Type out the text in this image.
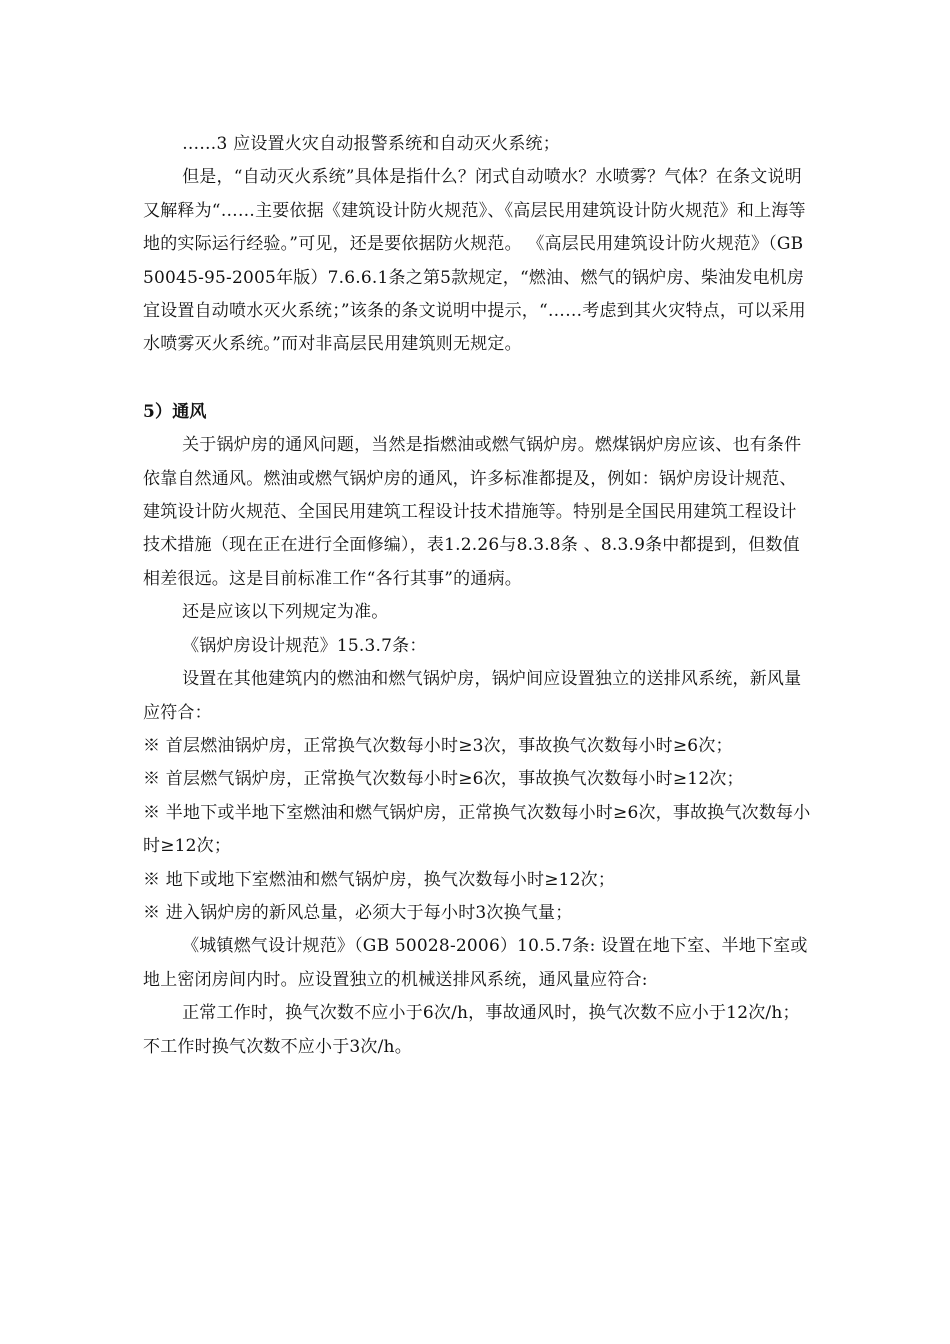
……3 应设置火灾自动报警系统和自动灭火系统；

但是，“自动灭火系统”具体是指什么？闭式自动喷水？水喷雾？气体？在条文说明又解释为“……主要依据《建筑设计防火规范》、《高层民用建筑设计防火规范》和上海等地的实际运行经验。”可见，还是要依据防火规范。 《高层民用建筑设计防火规范》（GB 50045-95-2005年版）7.6.6.1条之第5款规定，“燃油、燃气的锅炉房、柴油发电机房宜设置自动喷水灭火系统；”该条的条文说明中提示，“……考虑到其火灾特点，可以采用水喷雾灭火系统。”而对非高层民用建筑则无规定。

5）通风

关于锅炉房的通风问题，当然是指燃油或燃气锅炉房。燃煤锅炉房应该、也有条件依靠自然通风。燃油或燃气锅炉房的通风，许多标准都提及，例如：锅炉房设计规范、建筑设计防火规范、全国民用建筑工程设计技术措施等。特别是全国民用建筑工程设计技术措施（现在正在进行全面修编），表1.2.26与8.3.8条 、8.3.9条中都提到，但数值相差很远。这是目前标准工作“各行其事”的通病。

还是应该以下列规定为准。

《锅炉房设计规范》15.3.7条：

设置在其他建筑内的燃油和燃气锅炉房，锅炉间应设置独立的送排风系统，新风量应符合：

※ 首层燃油锅炉房，正常换气次数每小时≥3次，事故换气次数每小时≥6次；

※ 首层燃气锅炉房，正常换气次数每小时≥6次，事故换气次数每小时≥12次；

※ 半地下或半地下室燃油和燃气锅炉房，正常换气次数每小时≥6次，事故换气次数每小时≥12次；

※ 地下或地下室燃油和燃气锅炉房，换气次数每小时≥12次；

※ 进入锅炉房的新风总量，必须大于每小时3次换气量；

《城镇燃气设计规范》（GB 50028-2006）10.5.7条: 设置在地下室、半地下室或地上密闭房间内时。应设置独立的机械送排风系统，通风量应符合:

正常工作时，换气次数不应小于6次/h，事故通风时，换气次数不应小于12次/h；不工作时换气次数不应小于3次/h。
